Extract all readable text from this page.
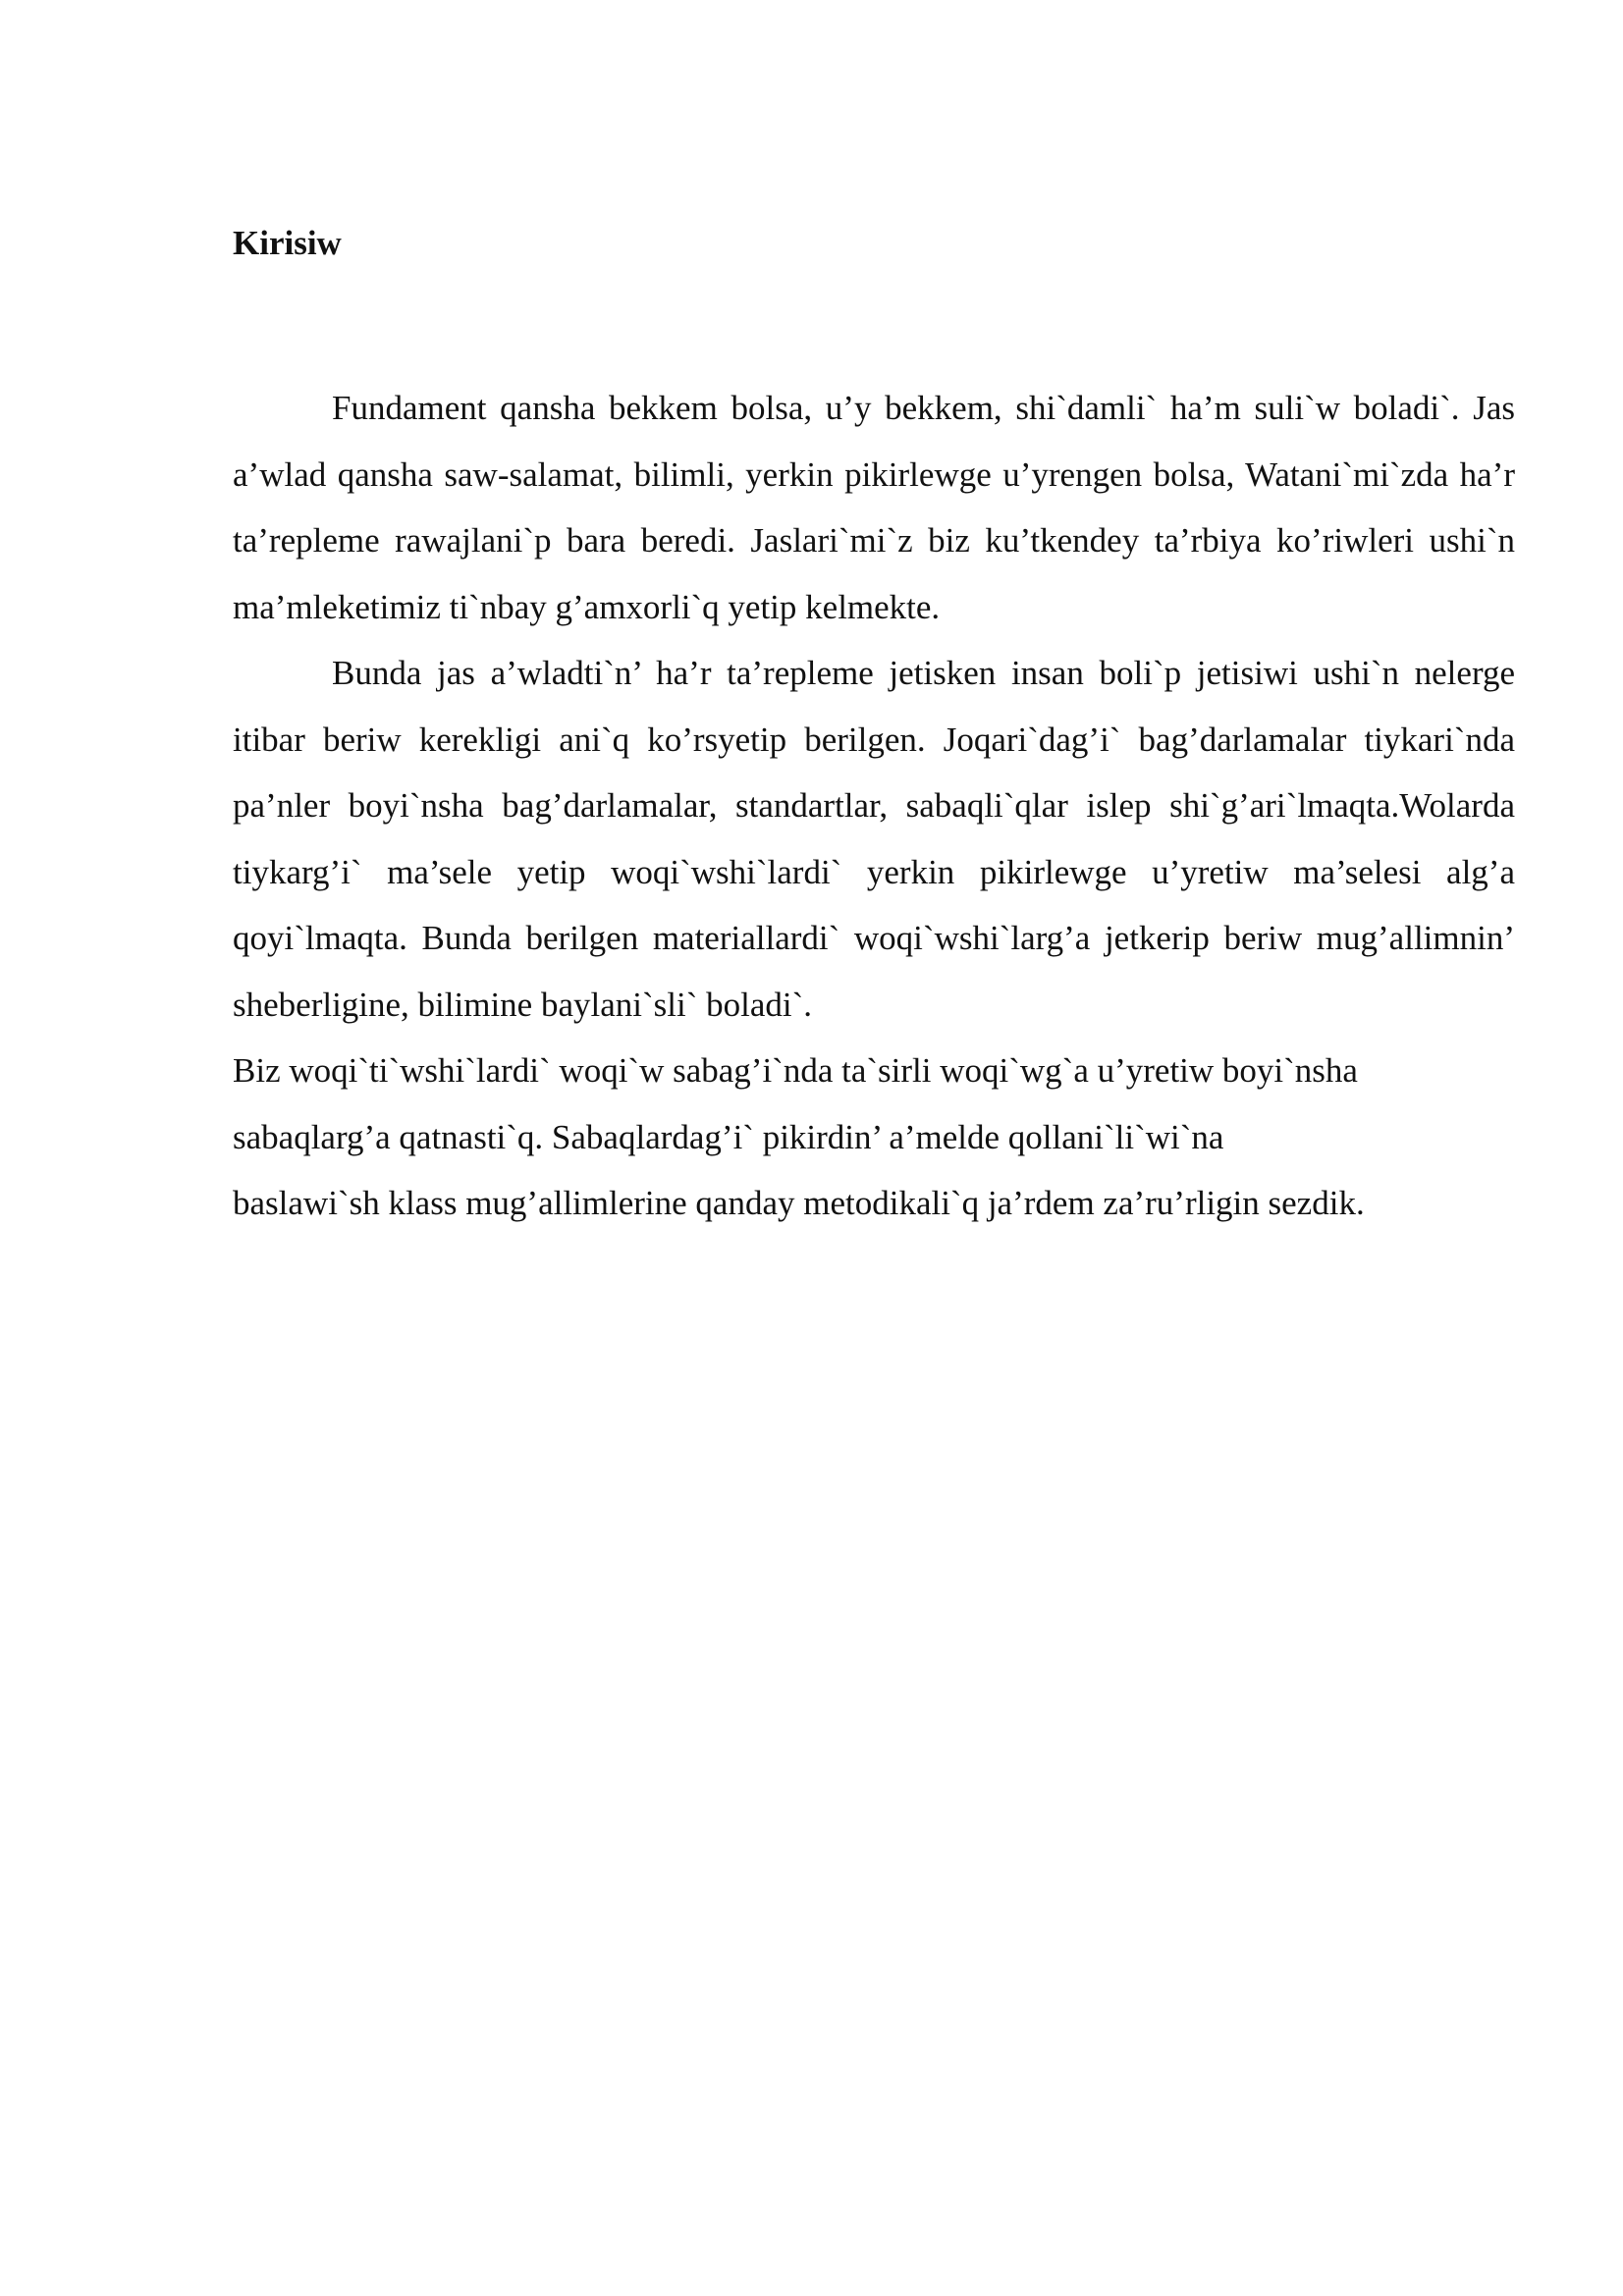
Kirisiw

Fundament qansha bekkem bolsa, u’y bekkem, shi`damli` ha’m suli`w boladi`. Jas a’wlad qansha saw-salamat, bilimli, yerkin pikirlewge u’yrengen bolsa, Watani`mi`zda ha’r ta’repleme rawajlani`p bara beredi. Jaslari`mi`z biz ku’tkendey ta’rbiya ko’riwleri ushi`n ma’mleketimiz ti`nbay g’amxorli`q yetip kelmekte.

Bunda jas a’wladti`n’ ha’r ta’repleme jetisken insan boli`p jetisiwi ushi`n nelerge itibar beriw kerekligi ani`q ko’rsyetip berilgen. Joqari`dag’i` bag’darlamalar tiykari`nda pa’nler boyi`nsha bag’darlamalar, standartlar, sabaqli`qlar islep shi`g’ari`lmaqta.Wolarda tiykarg’i` ma’sele yetip woqi`wshi`lardi` yerkin pikirlewge u’yretiw ma’selesi alg’a qoyi`lmaqta. Bunda berilgen materiallardi` woqi`wshi`larg’a jetkerip beriw mug’allimnin’ sheberligine, bilimine baylani`sli` boladi`.

Biz woqi`ti`wshi`lardi` woqi`w sabag’i`nda ta`sirli woqi`wg`a u’yretiw boyi`nsha

sabaqlarg’a qatnasti`q. Sabaqlardag’i` pikirdin’ a’melde qollani`li`wi`na

baslawi`sh klass mug’allimlerine qanday metodikali`q ja’rdem za’ru’rligin sezdik.
